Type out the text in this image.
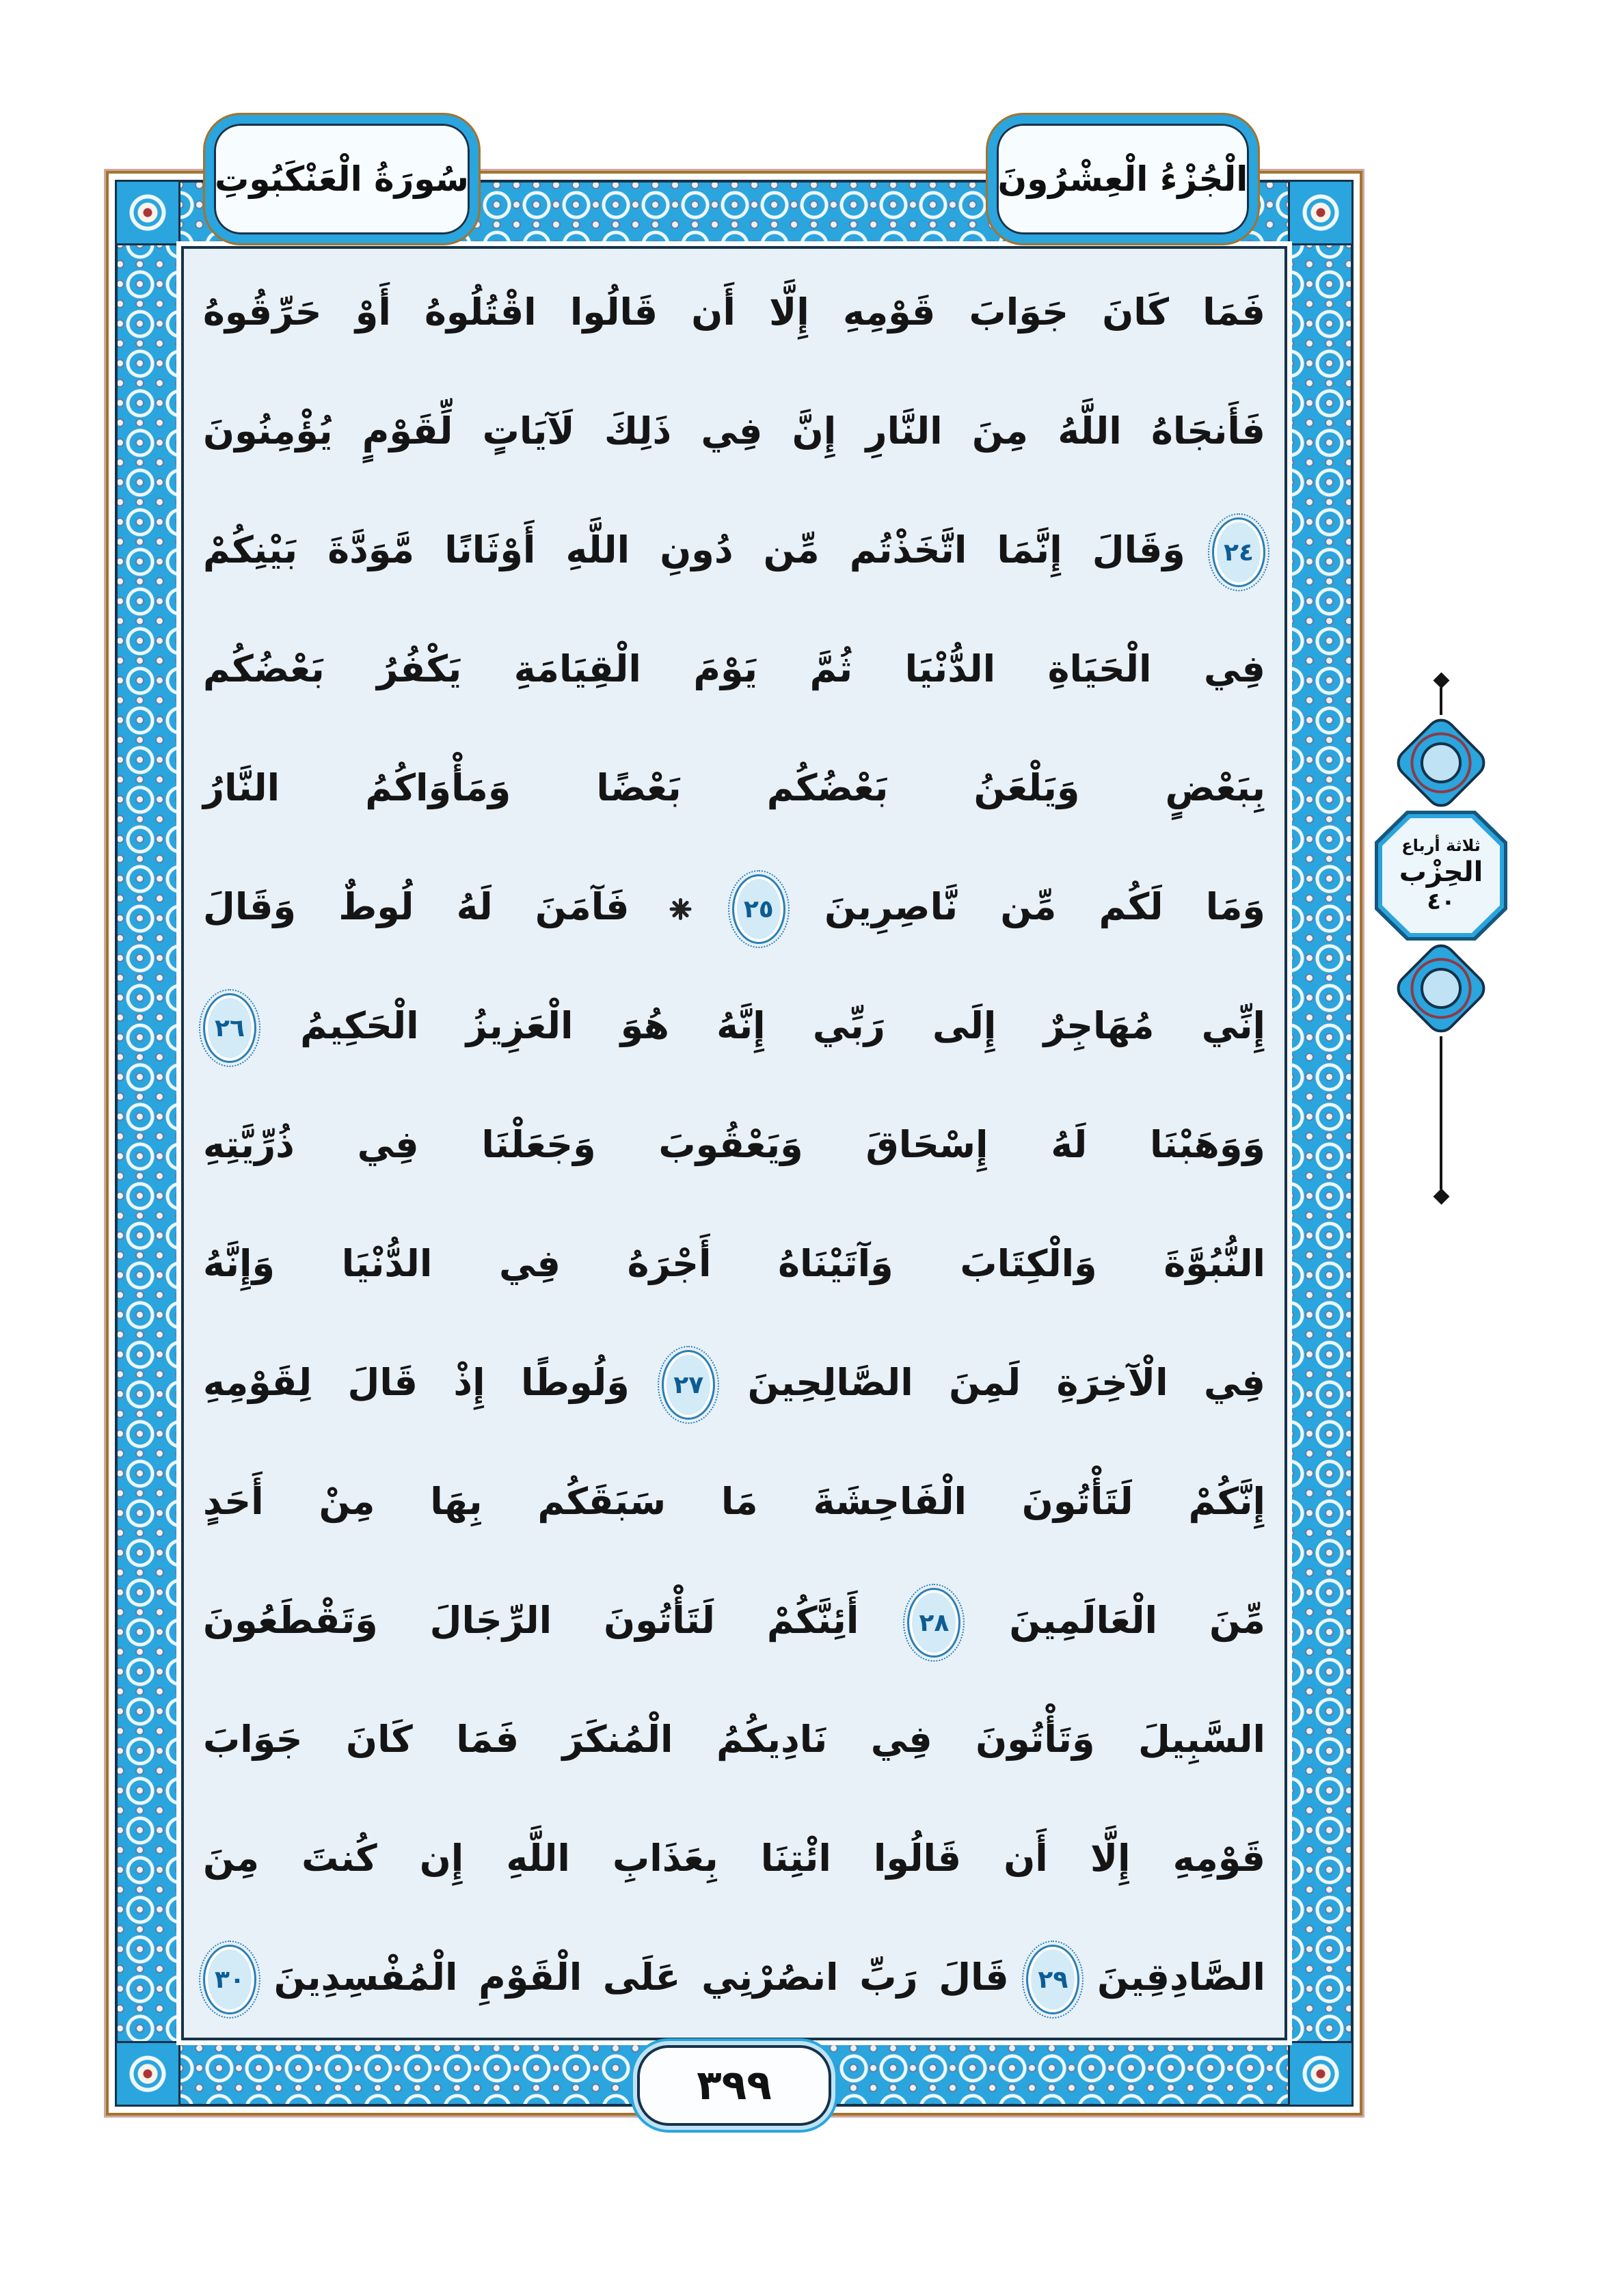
فَمَا كَانَ جَوَابَ قَوْمِهِ إِلَّا أَن قَالُوا اقْتُلُوهُ أَوْ حَرِّقُوهُ
فَأَنجَاهُ اللَّهُ مِنَ النَّارِ إِنَّ فِي ذَلِكَ لَآيَاتٍ لِّقَوْمٍ يُؤْمِنُونَ
٢٤
وَقَالَ إِنَّمَا اتَّخَذْتُم مِّن دُونِ اللَّهِ أَوْثَانًا مَّوَدَّةَ بَيْنِكُمْ
فِي الْحَيَاةِ الدُّنْيَا ثُمَّ يَوْمَ الْقِيَامَةِ يَكْفُرُ بَعْضُكُم
بِبَعْضٍ وَيَلْعَنُ بَعْضُكُم بَعْضًا وَمَأْوَاكُمُ النَّارُ
وَمَا لَكُم مِّن نَّاصِرِينَ
٢٥

فَآمَنَ لَهُ لُوطٌ وَقَالَ
إِنِّي مُهَاجِرٌ إِلَى رَبِّي إِنَّهُ هُوَ الْعَزِيزُ الْحَكِيمُ
٢٦
وَوَهَبْنَا لَهُ إِسْحَاقَ وَيَعْقُوبَ وَجَعَلْنَا فِي ذُرِّيَّتِهِ
النُّبُوَّةَ وَالْكِتَابَ وَآتَيْنَاهُ أَجْرَهُ فِي الدُّنْيَا وَإِنَّهُ
فِي الْآخِرَةِ لَمِنَ الصَّالِحِينَ
٢٧
وَلُوطًا إِذْ قَالَ لِقَوْمِهِ
إِنَّكُمْ لَتَأْتُونَ الْفَاحِشَةَ مَا سَبَقَكُم بِهَا مِنْ أَحَدٍ
مِّنَ الْعَالَمِينَ
٢٨
أَئِنَّكُمْ لَتَأْتُونَ الرِّجَالَ وَتَقْطَعُونَ
السَّبِيلَ وَتَأْتُونَ فِي نَادِيكُمُ الْمُنكَرَ فَمَا كَانَ جَوَابَ
قَوْمِهِ إِلَّا أَن قَالُوا ائْتِنَا بِعَذَابِ اللَّهِ إِن كُنتَ مِنَ
الصَّادِقِينَ
٢٩
قَالَ رَبِّ انصُرْنِي عَلَى الْقَوْمِ الْمُفْسِدِينَ
٣٠
سُورَةُ الْعَنْكَبُوتِ	الْجُزْءُ الْعِشْرُونَ
٣٩٩
ثلاثة أرباع
الحِزْب
٤٠
